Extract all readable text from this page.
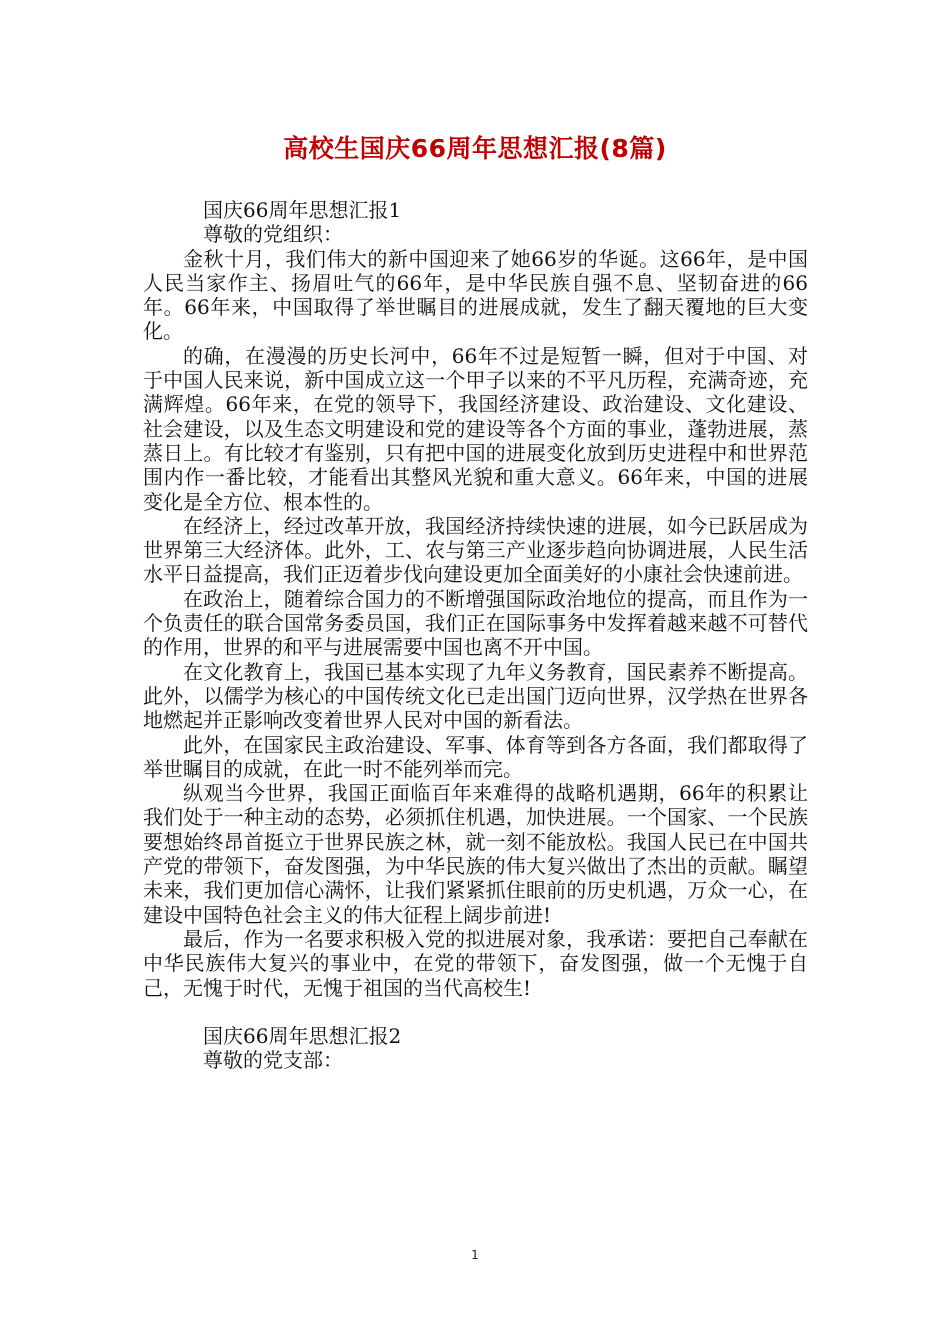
高校生国庆66周年思想汇报(8篇)

国庆66周年思想汇报1

尊敬的党组织：

金秋十月，我们伟大的新中国迎来了她66岁的华诞。这66年，是中国人民当家作主、扬眉吐气的66年，是中华民族自强不息、坚韧奋进的66年。66年来，中国取得了举世瞩目的进展成就，发生了翻天覆地的巨大变化。

的确，在漫漫的历史长河中，66年不过是短暂一瞬，但对于中国、对于中国人民来说，新中国成立这一个甲子以来的不平凡历程，充满奇迹，充满辉煌。66年来，在党的领导下，我国经济建设、政治建设、文化建设、社会建设，以及生态文明建设和党的建设等各个方面的事业，蓬勃进展，蒸蒸日上。有比较才有鉴别，只有把中国的进展变化放到历史进程中和世界范围内作一番比较，才能看出其整风光貌和重大意义。66年来，中国的进展变化是全方位、根本性的。

在经济上，经过改革开放，我国经济持续快速的进展，如今已跃居成为世界第三大经济体。此外，工、农与第三产业逐步趋向协调进展，人民生活水平日益提高，我们正迈着步伐向建设更加全面美好的小康社会快速前进。

在政治上，随着综合国力的不断增强国际政治地位的提高，而且作为一个负责任的联合国常务委员国，我们正在国际事务中发挥着越来越不可替代的作用，世界的和平与进展需要中国也离不开中国。

在文化教育上，我国已基本实现了九年义务教育，国民素养不断提高。此外，以儒学为核心的中国传统文化已走出国门迈向世界，汉学热在世界各地燃起并正影响改变着世界人民对中国的新看法。

此外，在国家民主政治建设、军事、体育等到各方各面，我们都取得了举世瞩目的成就，在此一时不能列举而完。

纵观当今世界，我国正面临百年来难得的战略机遇期，66年的积累让我们处于一种主动的态势，必须抓住机遇，加快进展。一个国家、一个民族要想始终昂首挺立于世界民族之林，就一刻不能放松。我国人民已在中国共产党的带领下，奋发图强，为中华民族的伟大复兴做出了杰出的贡献。瞩望未来，我们更加信心满怀，让我们紧紧抓住眼前的历史机遇，万众一心，在建设中国特色社会主义的伟大征程上阔步前进!

最后，作为一名要求积极入党的拟进展对象，我承诺：要把自己奉献在中华民族伟大复兴的事业中，在党的带领下，奋发图强，做一个无愧于自己，无愧于时代，无愧于祖国的当代高校生!

国庆66周年思想汇报2

尊敬的党支部：

1
